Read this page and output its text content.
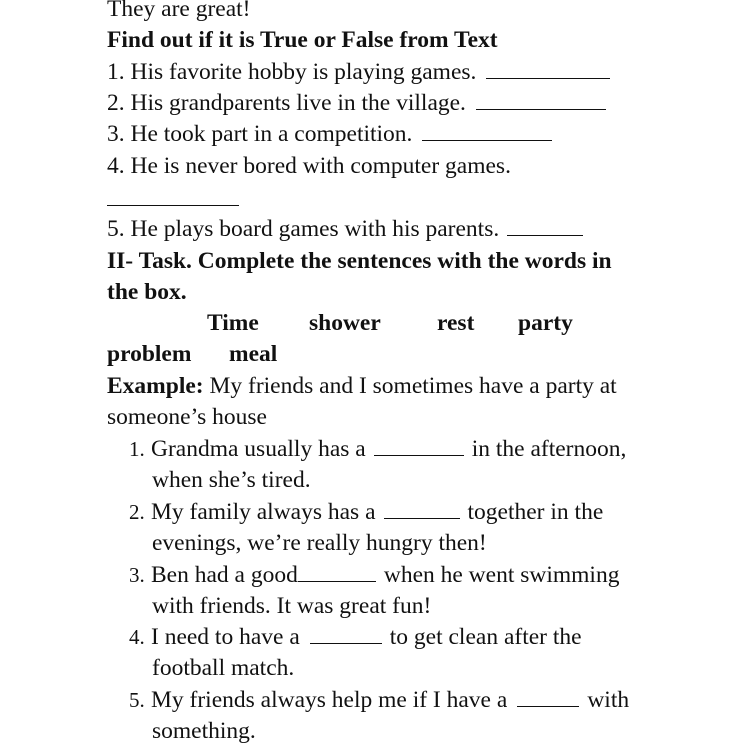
They are great!
Find out if it is True or False from Text
1. His favorite hobby is playing games.
2. His grandparents live in the village.
3. He took part in a competition.
4. He is never bored with computer games.
5. He plays board games with his parents.
II- Task. Complete the sentences with the words in
the box.
Time shower rest party
problem meal
Example: My friends and I sometimes have a party at
someone’s house
1. Grandma usually has a	in the afternoon,
when she’s tired.
2. My family always has a	together in the
evenings, we’re really hungry then!
3. Ben had a good	when he went swimming
with friends. It was great fun!
4. I need to have a	to get clean after the
football match.
5. My friends always help me if I have a	with
something.
